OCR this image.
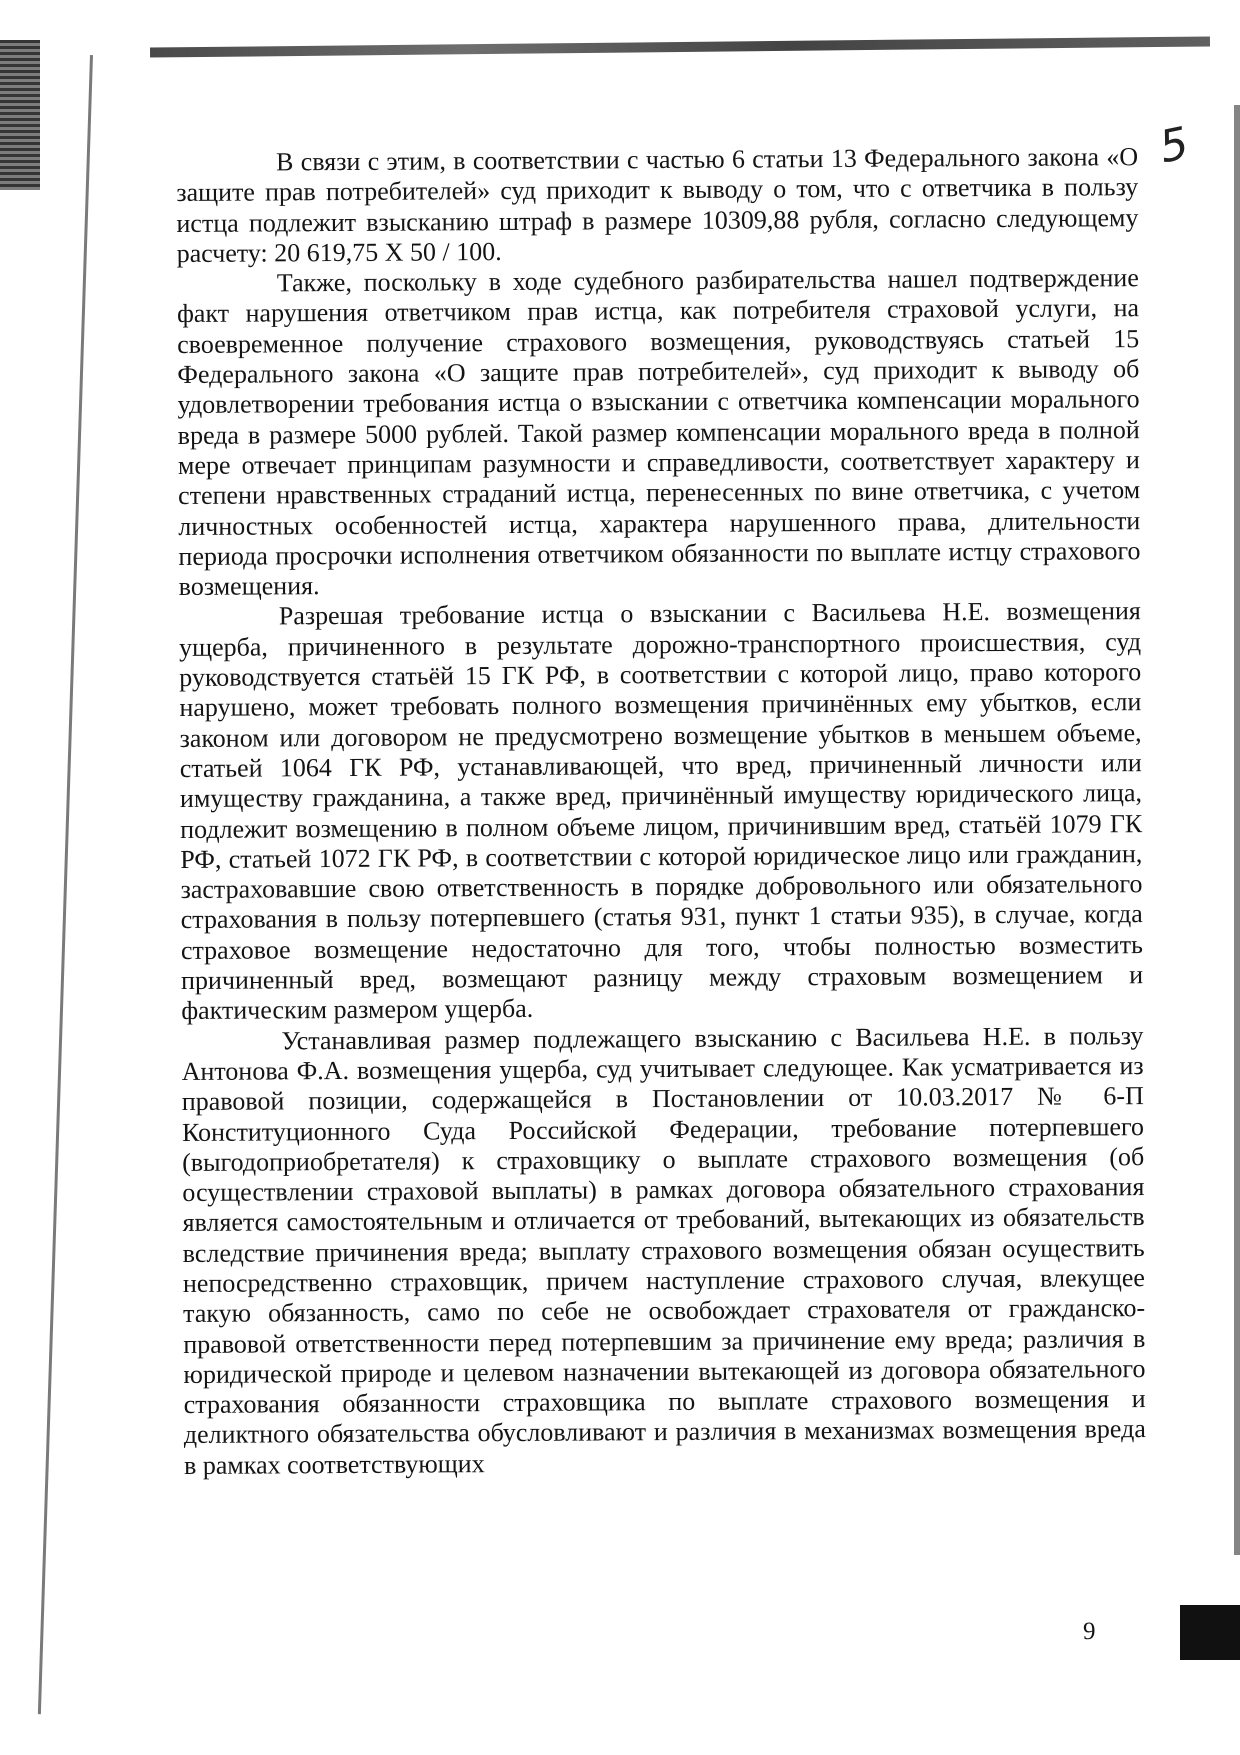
5

В связи с этим, в соответствии с частью 6 статьи 13 Федерального закона «О защите прав потребителей» суд приходит к выводу о том, что с ответчика в пользу истца подлежит взысканию штраф в размере 10309,88 рубля, согласно следующему расчету: 20 619,75 Х 50 / 100.

Также, поскольку в ходе судебного разбирательства нашел подтверждение факт нарушения ответчиком прав истца, как потребителя страховой услуги, на своевременное получение страхового возмещения, руководствуясь статьей 15 Федерального закона «О защите прав потребителей», суд приходит к выводу об удовлетворении требования истца о взыскании с ответчика компенсации морального вреда в размере 5000 рублей. Такой размер компенсации морального вреда в полной мере отвечает принципам разумности и справедливости, соответствует характеру и степени нравственных страданий истца, перенесенных по вине ответчика, с учетом личностных особенностей истца, характера нарушенного права, длительности периода просрочки исполнения ответчиком обязанности по выплате истцу страхового возмещения.

Разрешая требование истца о взыскании с Васильева Н.Е. возмещения ущерба, причиненного в результате дорожно-транспортного происшествия, суд руководствуется статьёй 15 ГК РФ, в соответствии с которой лицо, право которого нарушено, может требовать полного возмещения причинённых ему убытков, если законом или договором не предусмотрено возмещение убытков в меньшем объеме, статьей 1064 ГК РФ, устанавливающей, что вред, причиненный личности или имуществу гражданина, а также вред, причинённый имуществу юридического лица, подлежит возмещению в полном объеме лицом, причинившим вред, статьёй 1079 ГК РФ, статьей 1072 ГК РФ, в соответствии с которой юридическое лицо или гражданин, застраховавшие свою ответственность в порядке добровольного или обязательного страхования в пользу потерпевшего (статья 931, пункт 1 статьи 935), в случае, когда страховое возмещение недостаточно для того, чтобы полностью возместить причиненный вред, возмещают разницу между страховым возмещением и фактическим размером ущерба.

Устанавливая размер подлежащего взысканию с Васильева Н.Е. в пользу Антонова Ф.А. возмещения ущерба, суд учитывает следующее. Как усматривается из правовой позиции, содержащейся в Постановлении от 10.03.2017 № 6-П Конституционного Суда Российской Федерации, требование потерпевшего (выгодоприобретателя) к страховщику о выплате страхового возмещения (об осуществлении страховой выплаты) в рамках договора обязательного страхования является самостоятельным и отличается от требований, вытекающих из обязательств вследствие причинения вреда; выплату страхового возмещения обязан осуществить непосредственно страховщик, причем наступление страхового случая, влекущее такую обязанность, само по себе не освобождает страхователя от гражданско-правовой ответственности перед потерпевшим за причинение ему вреда; различия в юридической природе и целевом назначении вытекающей из договора обязательного страхования обязанности страховщика по выплате страхового возмещения и деликтного обязательства обусловливают и различия в механизмах возмещения вреда в рамках соответствующих

9
